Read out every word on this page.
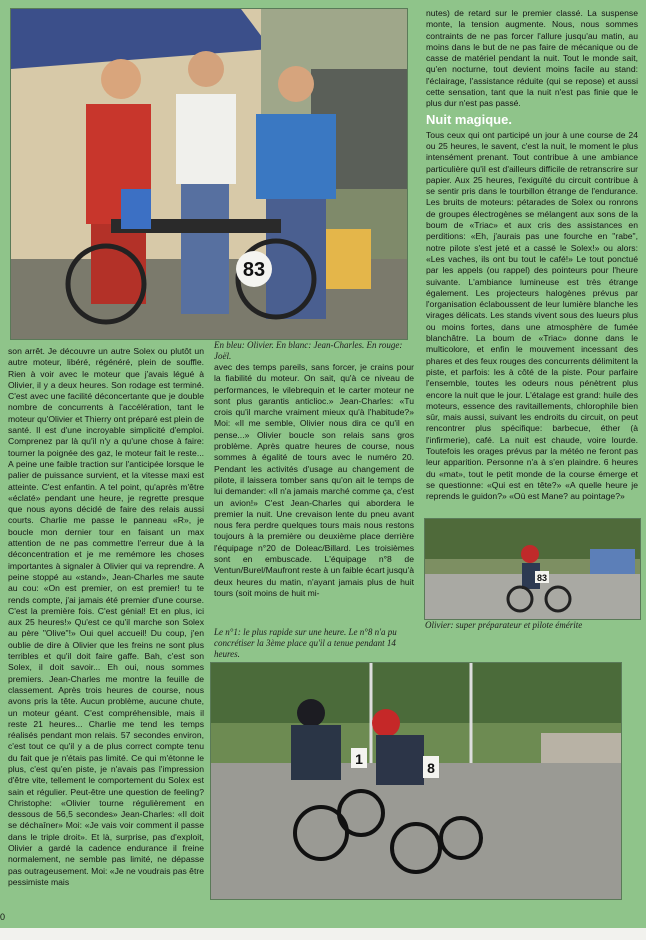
83

En bleu: Olivier. En blanc: Jean-Charles. En rouge: Joël.

nutes) de retard sur le premier classé. La suspense monte, la tension augmente. Nous, nous sommes contraints de ne pas forcer l'allure jusqu'au matin, au moins dans le but de ne pas faire de mécanique ou de casse de matériel pendant la nuit. Tout le monde sait, qu'en nocturne, tout devient moins facile au stand: l'éclairage, l'assistance réduite (qui se repose) et aussi cette sensation, tant que la nuit n'est pas finie que le plus dur n'est pas passé.

Nuit magique.

Tous ceux qui ont participé un jour à une course de 24 ou 25 heures, le savent, c'est la nuit, le moment le plus intensément prenant. Tout contribue à une ambiance particulière qu'il est d'ailleurs difficile de retranscrire sur papier. Aux 25 heures, l'exiguïté du circuit contribue à se sentir pris dans le tourbillon étrange de l'endurance. Les bruits de moteurs: pétarades de Solex ou ronrons de groupes électrogènes se mélangent aux sons de la boum de «Triac» et aux cris des assistances en perditions: «Eh, j'aurais pas une fourche en "rabe", notre pilote s'est jeté et a cassé le Solex!» ou alors: «Les vaches, ils ont bu tout le café!» Le tout ponctué par les appels (ou rappel) des pointeurs pour l'heure suivante. L'ambiance lumineuse est très étrange également. Les projecteurs halogènes prévus par l'organisation éclaboussent de leur lumière blanche les virages délicats. Les stands vivent sous des lueurs plus ou moins fortes, dans une atmosphère de fumée blanchâtre. La boum de «Triac» donne dans le multicolore, et enfin le mouvement incessant des phares et des feux rouges des concurrents délimitent la piste, et parfois: les à côté de la piste. Pour parfaire l'ensemble, toutes les odeurs nous pénètrent plus encore la nuit que le jour. L'étalage est grand: huile des moteurs, essence des ravitaillements, chlorophile bien sûr, mais aussi, suivant les endroits du circuit, on peut rencontrer plus spécifique: barbecue, éther (à l'infirmerie), café. La nuit est chaude, voire lourde. Toutefois les orages prévus par la météo ne feront pas leur apparition. Personne n'a à s'en plaindre. 6 heures du «mat», tout le petit monde de la course émerge et se questionne: «Qui est en tête?» «A quelle heure je reprends le guidon?» «Où est Mane? au pointage?»

83

Olivier: super préparateur et pilote émérite

son arrêt. Je découvre un autre Solex ou plutôt un autre moteur, libéré, régénéré, plein de souffle. Rien à voir avec le moteur que j'avais légué à Olivier, il y a deux heures. Son rodage est terminé. C'est avec une facilité déconcertante que je double nombre de concurrents à l'accélération, tant le moteur qu'Olivier et Thierry ont préparé est plein de santé. Il est d'une incroyable simplicité d'emploi. Comprenez par là qu'il n'y a qu'une chose à faire: tourner la poignée des gaz, le moteur fait le reste... A peine une faible traction sur l'anticipée lorsque le palier de puissance survient, et la vitesse maxi est atteinte. C'est enfantin. A tel point, qu'après m'être «éclaté» pendant une heure, je regrette presque que nous ayons décidé de faire des relais aussi courts. Charlie me passe le panneau «R», je boucle mon dernier tour en faisant un max attention de ne pas commettre l'erreur due à la déconcentration et je me remémore les choses importantes à signaler à Olivier qui va reprendre. A peine stoppé au «stand», Jean-Charles me saute au cou: «On est premier, on est premier! tu te rends compte, j'ai jamais été premier d'une course. C'est la première fois. C'est génial! Et en plus, ici aux 25 heures!» Qu'est ce qu'il marche son Solex au père "Olive"!» Oui quel accueil! Du coup, j'en oublie de dire à Olivier que les freins ne sont plus terribles et qu'il doit faire gaffe. Bah, c'est son Solex, il doit savoir... Eh oui, nous sommes premiers. Jean-Charles me montre la feuille de classement. Après trois heures de course, nous avons pris la tête. Aucun problème, aucune chute, un moteur géant. C'est compréhensible, mais il reste 21 heures... Charlie me tend les temps réalisés pendant mon relais. 57 secondes environ, c'est tout ce qu'il y a de plus correct compte tenu du fait que je n'étais pas limité. Ce qui m'étonne le plus, c'est qu'en piste, je n'avais pas l'impression d'être vite, tellement le comportement du Solex est sain et régulier. Peut-être une question de feeling? Christophe: «Olivier tourne régulièrement en dessous de 56,5 secondes» Jean-Charles: «Il doit se déchaîner» Moi: «Je vais voir comment il passe dans le triple droit». Et là, surprise, pas d'exploit, Olivier a gardé la cadence endurance il freine normalement, ne semble pas limité, ne dépasse pas outrageusement. Moi: «Je ne voudrais pas être pessimiste mais

avec des temps pareils, sans forcer, je crains pour la fiabilité du moteur. On sait, qu'à ce niveau de performances, le vilebrequin et le carter moteur ne sont plus garantis anticlioc.» Jean-Charles: «Tu crois qu'il marche vraiment mieux qu'à l'habitude?» Moi: «Il me semble, Olivier nous dira ce qu'il en pense...» Olivier boucle son relais sans gros problème. Après quatre heures de course, nous sommes à égalité de tours avec le numéro 20. Pendant les activités d'usage au changement de pilote, il laissera tomber sans qu'on ait le temps de lui demander: «Il n'a jamais marché comme ça, c'est un avion!» C'est Jean-Charles qui abordera le premier la nuit. Une crevaison lente du pneu avant nous fera perdre quelques tours mais nous restons toujours à la première ou deuxième place derrière l'équipage n°20 de Doleac/Billard. Les troisièmes sont en embuscade. L'équipage n°8 de Ventun/Burel/Maufront reste à un faible écart jusqu'à deux heures du matin, n'ayant jamais plus de huit tours (soit moins de huit mi-

Le n°1: le plus rapide sur une heure. Le n°8 n'a pu concrétiser la 3ème place qu'il a tenue pendant 14 heures.

1
8
0
